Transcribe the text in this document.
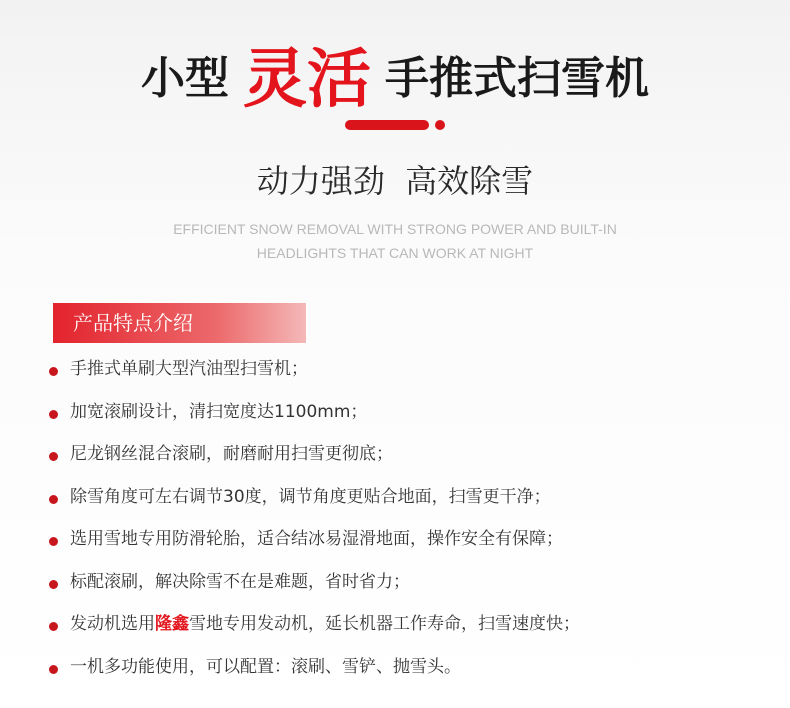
小型 灵活 手推式扫雪机
动力强劲  高效除雪
EFFICIENT SNOW REMOVAL WITH STRONG POWER AND BUILT-IN
HEADLIGHTS THAT CAN WORK AT NIGHT
产品特点介绍
手推式单刷大型汽油型扫雪机；
加宽滚刷设计，清扫宽度达1100mm；
尼龙钢丝混合滚刷，耐磨耐用扫雪更彻底；
除雪角度可左右调节30度，调节角度更贴合地面，扫雪更干净；
选用雪地专用防滑轮胎，适合结冰易湿滑地面，操作安全有保障；
标配滚刷，解决除雪不在是难题，省时省力；
发动机选用隆鑫雪地专用发动机，延长机器工作寿命，扫雪速度快；
一机多功能使用，可以配置：滚刷、雪铲、抛雪头。
